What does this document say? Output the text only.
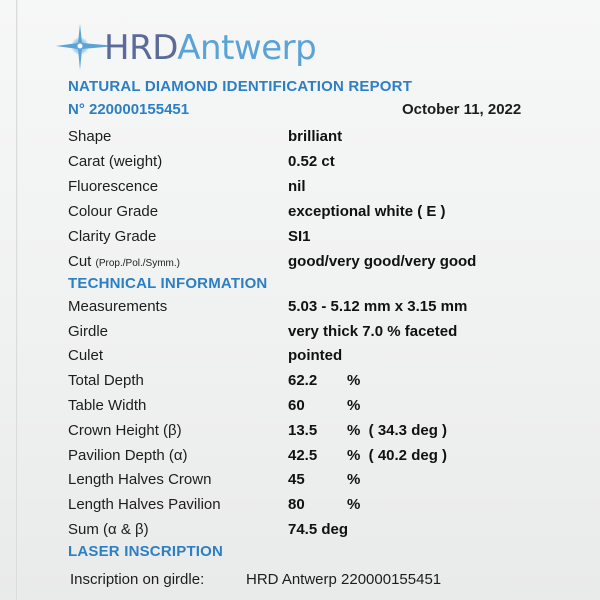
HRDAntwerp
NATURAL DIAMOND IDENTIFICATION REPORT
N° 220000155451	October 11, 2022
Shape	brilliant
Carat (weight)	0.52 ct
Fluorescence	nil
Colour Grade	exceptional white ( E )
Clarity Grade	SI1
Cut (Prop./Pol./Symm.)	good/very good/very good
TECHNICAL INFORMATION
Measurements	5.03 - 5.12 mm x 3.15 mm
Girdle	very thick 7.0 % faceted
Culet	pointed
Total Depth	62.2 %
Table Width	60	%
Crown Height (β)	13.5 %  ( 34.3 deg )
Pavilion Depth (α)	42.5 %  ( 40.2 deg )
Length Halves Crown	45	%
Length Halves Pavilion	80	%
Sum (α & β)	74.5 deg
LASER INSCRIPTION
Inscription on girdle:	HRD Antwerp 220000155451
